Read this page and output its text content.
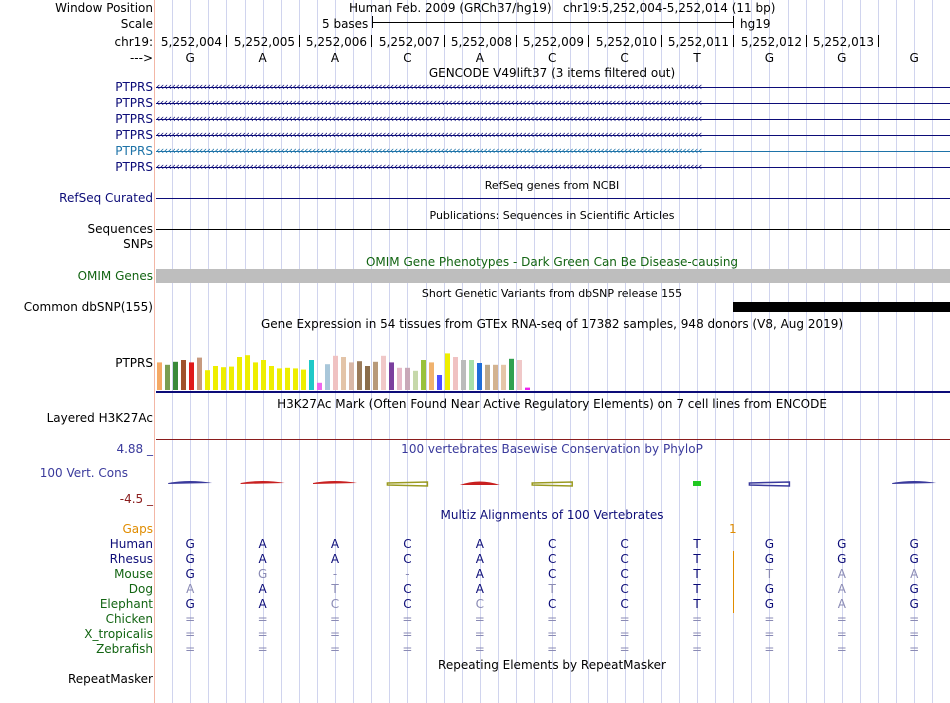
Window Position
Scale
chr19:
--->
Human Feb. 2009 (GRCh37/hg19)   chr19:5,252,004-5,252,014 (11 bp)
5 bases	hg19
5,252,004 5,252,005 5,252,006 5,252,007 5,252,008 5,252,009 5,252,010 5,252,011 5,252,012 5,252,013
G	A	A	C	A	C	C	T	G	G	G
GENCODE V49lift37 (3 items filtered out)
PTPRS ‹‹‹‹‹‹‹‹‹‹‹‹‹‹‹‹‹‹‹‹‹‹‹‹‹‹‹‹‹‹‹‹‹‹‹‹‹‹‹‹‹‹‹‹‹‹‹‹‹‹‹‹‹‹‹‹‹‹‹‹‹‹‹‹‹‹‹‹‹‹‹‹‹‹‹‹‹‹‹‹‹‹‹‹‹‹‹‹‹‹‹‹‹‹‹‹‹‹‹‹‹‹‹‹‹‹‹‹‹‹‹‹‹‹‹‹‹‹‹‹‹‹‹‹‹‹‹‹‹‹‹‹‹‹‹‹‹‹‹‹
PTPRS ‹‹‹‹‹‹‹‹‹‹‹‹‹‹‹‹‹‹‹‹‹‹‹‹‹‹‹‹‹‹‹‹‹‹‹‹‹‹‹‹‹‹‹‹‹‹‹‹‹‹‹‹‹‹‹‹‹‹‹‹‹‹‹‹‹‹‹‹‹‹‹‹‹‹‹‹‹‹‹‹‹‹‹‹‹‹‹‹‹‹‹‹‹‹‹‹‹‹‹‹‹‹‹‹‹‹‹‹‹‹‹‹‹‹‹‹‹‹‹‹‹‹‹‹‹‹‹‹‹‹‹‹‹‹‹‹‹‹‹‹
PTPRS ‹‹‹‹‹‹‹‹‹‹‹‹‹‹‹‹‹‹‹‹‹‹‹‹‹‹‹‹‹‹‹‹‹‹‹‹‹‹‹‹‹‹‹‹‹‹‹‹‹‹‹‹‹‹‹‹‹‹‹‹‹‹‹‹‹‹‹‹‹‹‹‹‹‹‹‹‹‹‹‹‹‹‹‹‹‹‹‹‹‹‹‹‹‹‹‹‹‹‹‹‹‹‹‹‹‹‹‹‹‹‹‹‹‹‹‹‹‹‹‹‹‹‹‹‹‹‹‹‹‹‹‹‹‹‹‹‹‹‹‹
PTPRS ‹‹‹‹‹‹‹‹‹‹‹‹‹‹‹‹‹‹‹‹‹‹‹‹‹‹‹‹‹‹‹‹‹‹‹‹‹‹‹‹‹‹‹‹‹‹‹‹‹‹‹‹‹‹‹‹‹‹‹‹‹‹‹‹‹‹‹‹‹‹‹‹‹‹‹‹‹‹‹‹‹‹‹‹‹‹‹‹‹‹‹‹‹‹‹‹‹‹‹‹‹‹‹‹‹‹‹‹‹‹‹‹‹‹‹‹‹‹‹‹‹‹‹‹‹‹‹‹‹‹‹‹‹‹‹‹‹‹‹‹
PTPRS ‹‹‹‹‹‹‹‹‹‹‹‹‹‹‹‹‹‹‹‹‹‹‹‹‹‹‹‹‹‹‹‹‹‹‹‹‹‹‹‹‹‹‹‹‹‹‹‹‹‹‹‹‹‹‹‹‹‹‹‹‹‹‹‹‹‹‹‹‹‹‹‹‹‹‹‹‹‹‹‹‹‹‹‹‹‹‹‹‹‹‹‹‹‹‹‹‹‹‹‹‹‹‹‹‹‹‹‹‹‹‹‹‹‹‹‹‹‹‹‹‹‹‹‹‹‹‹‹‹‹‹‹‹‹‹‹‹‹‹‹
PTPRS ‹‹‹‹‹‹‹‹‹‹‹‹‹‹‹‹‹‹‹‹‹‹‹‹‹‹‹‹‹‹‹‹‹‹‹‹‹‹‹‹‹‹‹‹‹‹‹‹‹‹‹‹‹‹‹‹‹‹‹‹‹‹‹‹‹‹‹‹‹‹‹‹‹‹‹‹‹‹‹‹‹‹‹‹‹‹‹‹‹‹‹‹‹‹‹‹‹‹‹‹‹‹‹‹‹‹‹‹‹‹‹‹‹‹‹‹‹‹‹‹‹‹‹‹‹‹‹‹‹‹‹‹‹‹‹‹‹‹‹‹
RefSeq genes from NCBI
RefSeq Curated
Publications: Sequences in Scientific Articles
Sequences
SNPs
OMIM Gene Phenotypes - Dark Green Can Be Disease-causing
OMIM Genes
Short Genetic Variants from dbSNP release 155
Common dbSNP(155)
Gene Expression in 54 tissues from GTEx RNA-seq of 17382 samples, 948 donors (V8, Aug 2019)
PTPRS
H3K27Ac Mark (Often Found Near Active Regulatory Elements) on 7 cell lines from ENCODE
Layered H3K27Ac
100 vertebrates Basewise Conservation by PhyloP
4.88 _
100 Vert. Cons
-4.5 _
Multiz Alignments of 100 Vertebrates
Gaps	1
Human	G	A	A	C	A	C	C	T	G	G	G
Rhesus	G	A	A	C	A	C	C	T	G	G	G
Mouse	G	G	-	-	A	C	C	T	T	A	A
Dog	A	A	T	C	A	T	C	T	G	A	G
Elephant	G	A	C	C	C	C	C	T	G	A	G
Chicken	=	=	=	=	=	=	=	=	=	=	=
X_tropicalis	=	=	=	=	=	=	=	=	=	=	=
Zebrafish	=	=	=	=	=	=	=	=	=	=	=
Repeating Elements by RepeatMasker
RepeatMasker
